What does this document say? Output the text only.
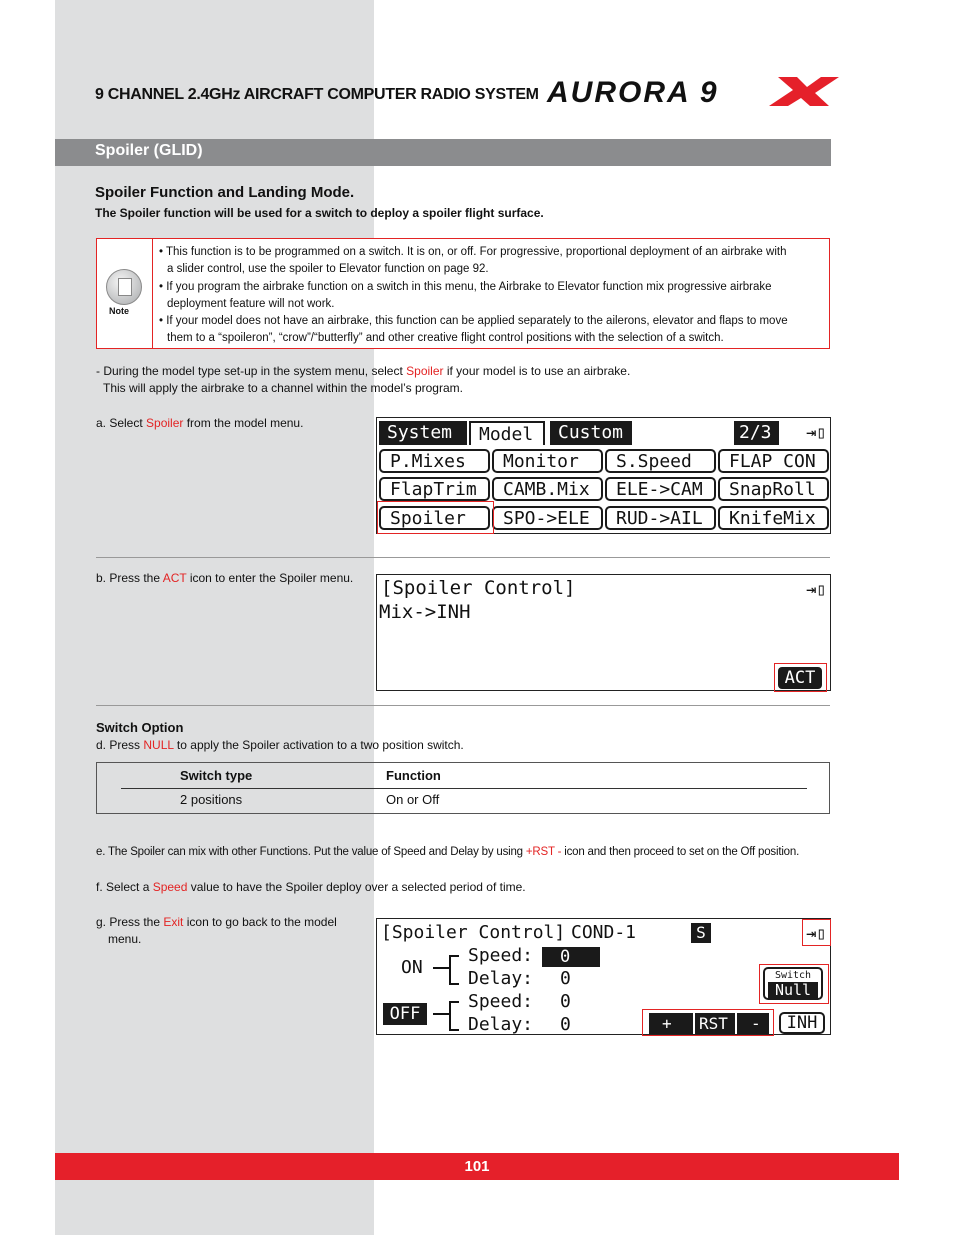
9 CHANNEL 2.4GHz AIRCRAFT COMPUTER RADIO SYSTEM AURORA 9
Spoiler (GLID)
Spoiler Function and Landing Mode.
The Spoiler function will be used for a switch to deploy a spoiler flight surface.
Note

• This function is to be programmed on a switch. It is on, or off. For progressive, proportional deployment of an airbrake with

a slider control, use the spoiler to Elevator function on page 92.

• If you program the airbrake function on a switch in this menu, the Airbrake to Elevator function mix progressive airbrake

deployment feature will not work.

• If your model does not have an airbrake, this function can be applied separately to the ailerons, elevator and flaps to move

them to a “spoileron”, “crow”/“butterfly” and other creative flight control positions with the selection of a switch.

- During the model type set-up in the system menu, select Spoiler if your model is to use an airbrake.
This will apply the airbrake to a channel within the model’s program.
a. Select Spoiler from the model menu.	System	Model	Custom	2/3	⇥▯
P.Mixes	Monitor	S.Speed	FLAP CON
FlapTrim	CAMB.Mix	ELE->CAM	SnapRoll
Spoiler	SPO->ELE	RUD->AIL	KnifeMix
b. Press the ACT icon to enter the Spoiler menu. [Spoiler Control]
Mix->INH
⇥▯
ACT
Switch Option
d. Press NULL to apply the Spoiler activation to a two position switch.
Switch type	Function
2 positions	On or Off
e. The Spoiler can mix with other Functions. Put the value of Speed and Delay by using +RST - icon and then proceed to set on the Off position.
f. Select a Speed value to have the Spoiler deploy over a selected period of time.
g. Press the Exit icon to go back to the model
menu.	[Spoiler Control] COND-1	S	⇥▯
ON
Speed:	0
Delay: 0
OFF
Speed: 0
Delay: 0
Switch
Null
+ RST -	INH
101
